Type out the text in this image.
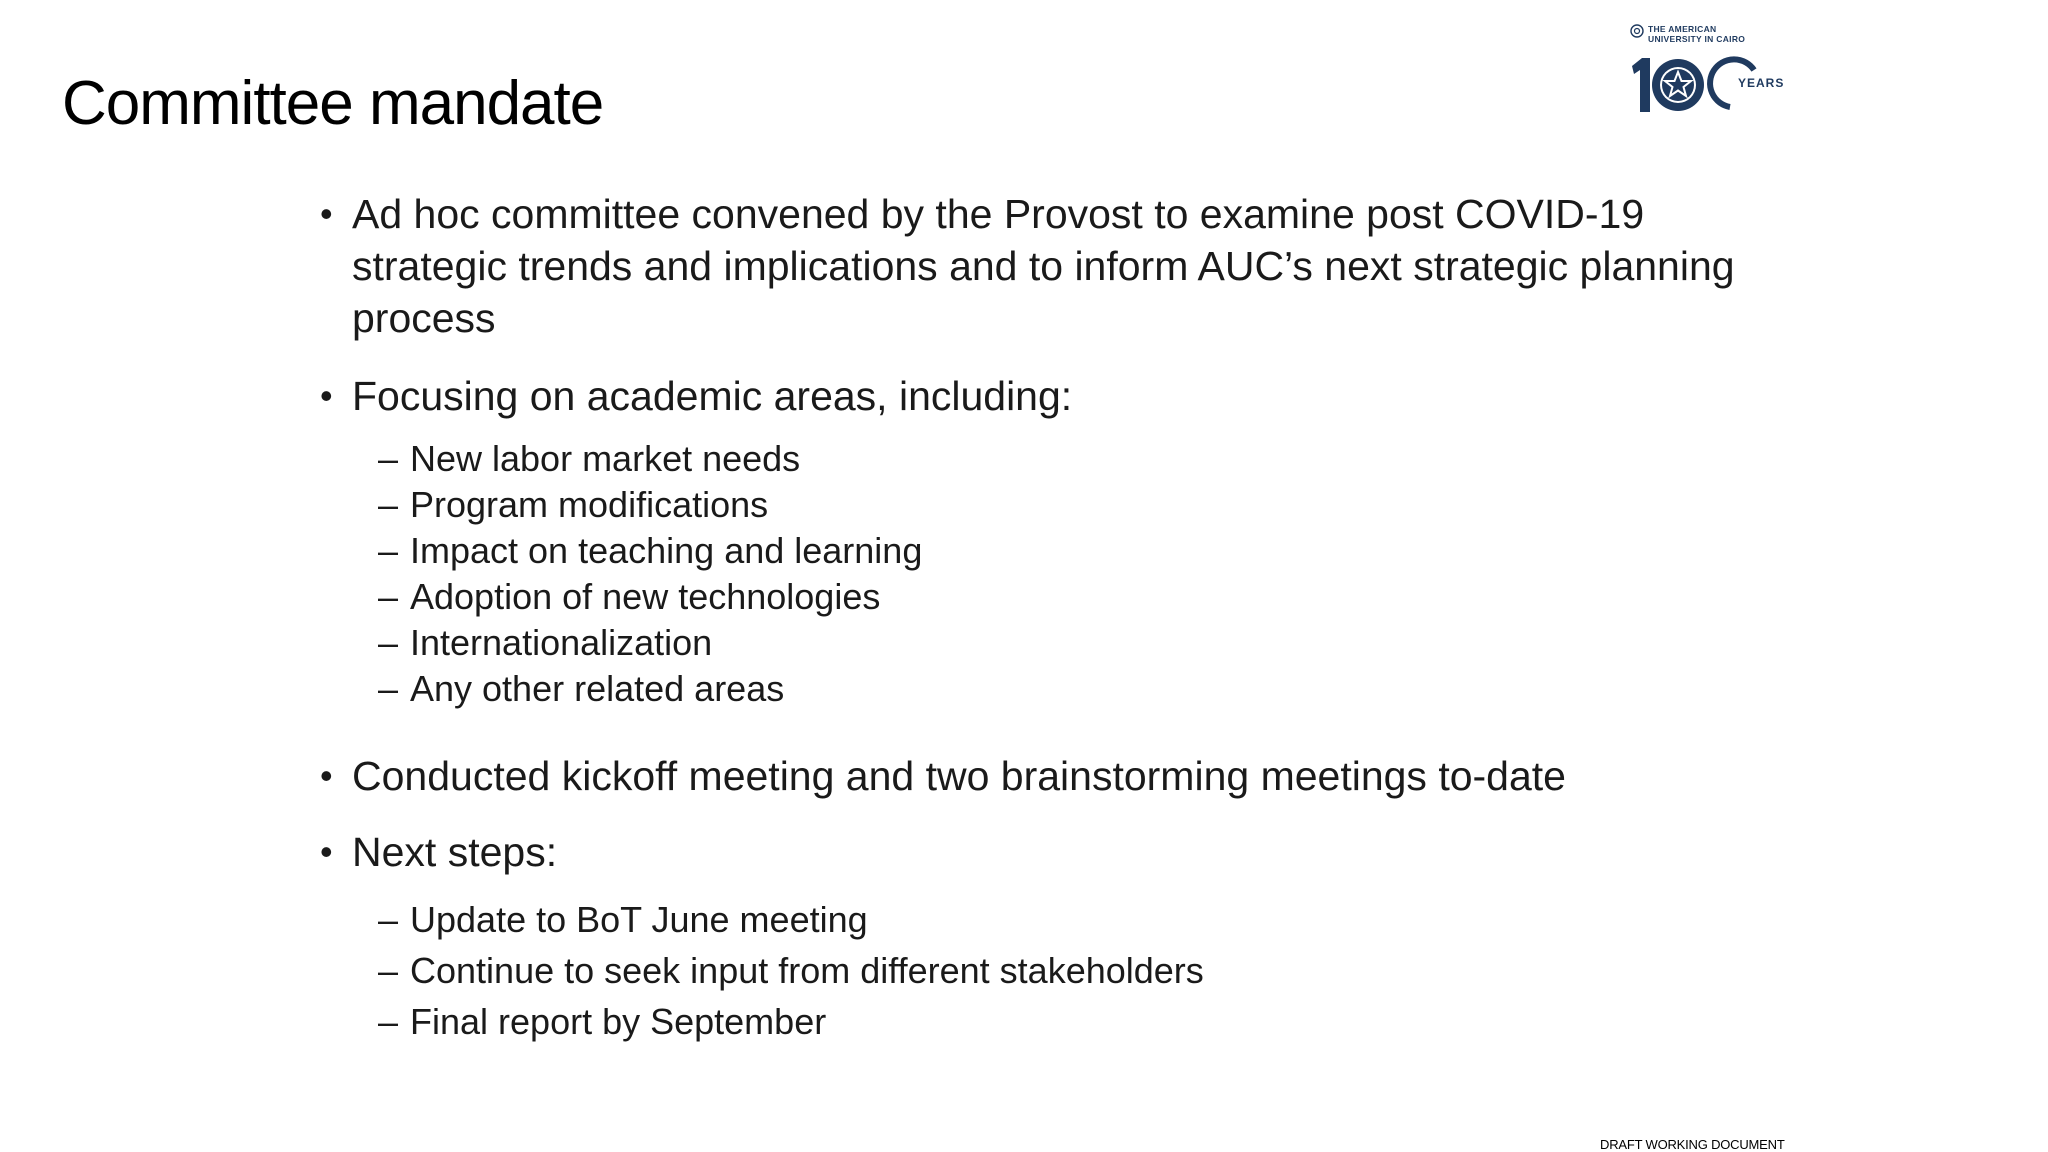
Committee mandate
THE AMERICAN
UNIVERSITY IN CAIRO
YEARS
• Ad hoc committee convened by the Provost to examine post COVID-19 strategic trends and implications and to inform AUC’s next strategic planning process
• Focusing on academic areas, including:
– New labor market needs
– Program modifications
– Impact on teaching and learning
– Adoption of new technologies
– Internationalization
– Any other related areas
• Conducted kickoff meeting and two brainstorming meetings to-date
• Next steps:
– Update to BoT June meeting
– Continue to seek input from different stakeholders
– Final report by September
DRAFT WORKING DOCUMENT
